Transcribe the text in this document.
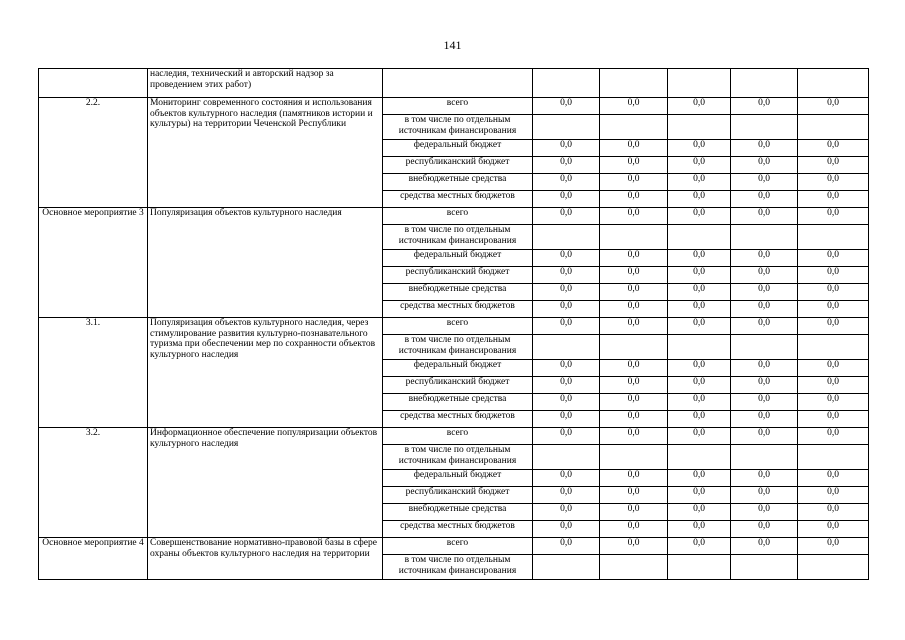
141
	наследия, технический и авторский надзор за проведением этих работ)						
2.2.	Мониторинг современного состояния и использования объектов культурного наследия (памятников истории и культуры) на территории Чеченской Республики	всего	0,0	0,0	0,0	0,0	0,0
		в том числе по отдельным источникам финансирования					
		федеральный бюджет	0,0	0,0	0,0	0,0	0,0
		республиканский бюджет	0,0	0,0	0,0	0,0	0,0
		внебюджетные средства	0,0	0,0	0,0	0,0	0,0
		средства местных бюджетов	0,0	0,0	0,0	0,0	0,0
Основное мероприятие 3	Популяризация объектов культурного наследия	всего	0,0	0,0	0,0	0,0	0,0
		в том числе по отдельным источникам финансирования					
		федеральный бюджет	0,0	0,0	0,0	0,0	0,0
		республиканский бюджет	0,0	0,0	0,0	0,0	0,0
		внебюджетные средства	0,0	0,0	0,0	0,0	0,0
		средства местных бюджетов	0,0	0,0	0,0	0,0	0,0
3.1.	Популяризация объектов культурного наследия, через стимулирование развития культурно-познавательного туризма при обеспечении мер по сохранности объектов культурного наследия	всего	0,0	0,0	0,0	0,0	0,0
		в том числе по отдельным источникам финансирования					
		федеральный бюджет	0,0	0,0	0,0	0,0	0,0
		республиканский бюджет	0,0	0,0	0,0	0,0	0,0
		внебюджетные средства	0,0	0,0	0,0	0,0	0,0
		средства местных бюджетов	0,0	0,0	0,0	0,0	0,0
3.2.	Информационное обеспечение популяризации объектов культурного наследия	всего	0,0	0,0	0,0	0,0	0,0
		в том числе по отдельным источникам финансирования					
		федеральный бюджет	0,0	0,0	0,0	0,0	0,0
		республиканский бюджет	0,0	0,0	0,0	0,0	0,0
		внебюджетные средства	0,0	0,0	0,0	0,0	0,0
		средства местных бюджетов	0,0	0,0	0,0	0,0	0,0
Основное мероприятие 4	Совершенствование нормативно-правовой базы в сфере охраны объектов культурного наследия на территории	всего	0,0	0,0	0,0	0,0	0,0
		в том числе по отдельным источникам финансирования					
